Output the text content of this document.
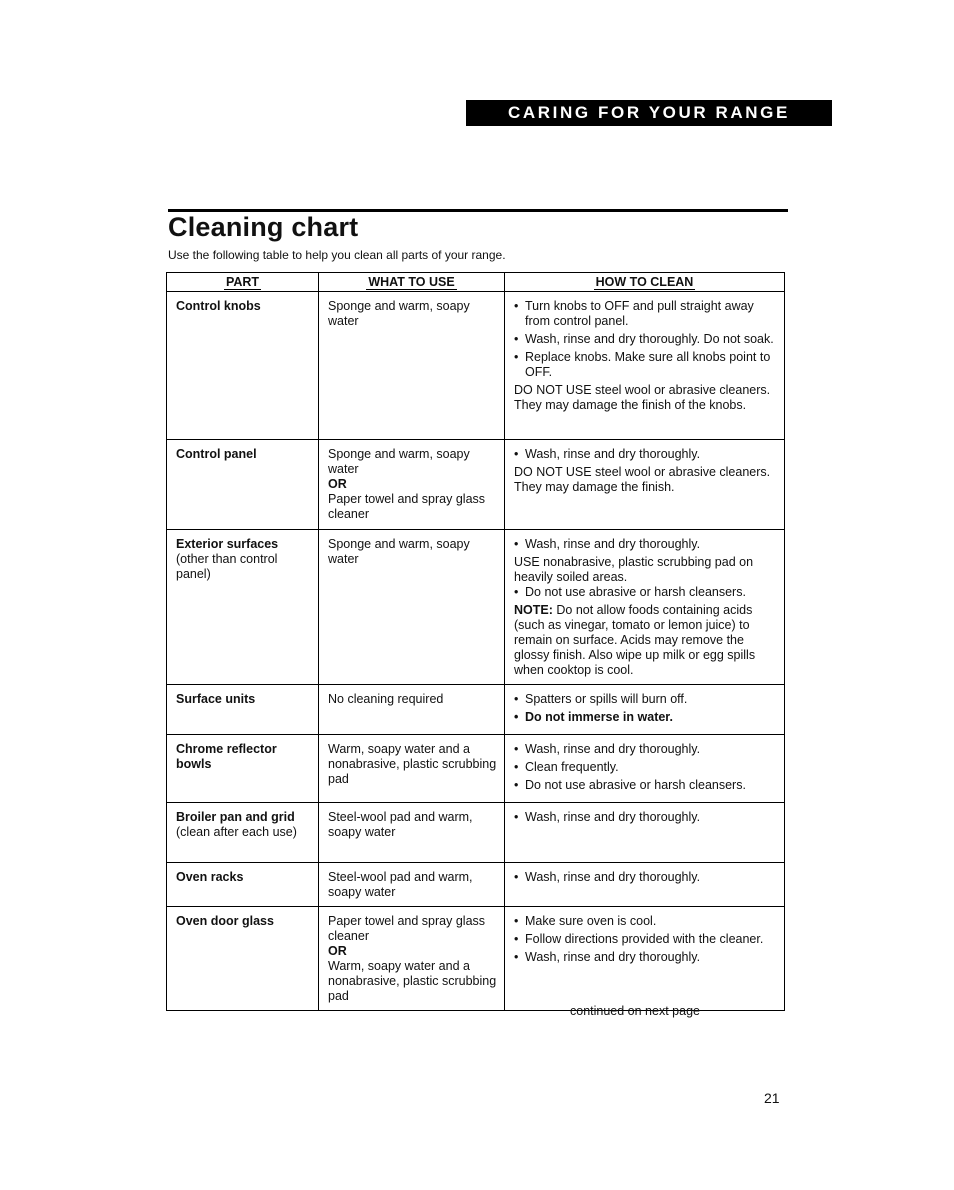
CARING FOR YOUR RANGE
Cleaning chart
Use the following table to help you clean all parts of your range.
PART	WHAT TO USE	HOW TO CLEAN

Control knobs	Sponge and warm, soapy water	• Turn knobs to OFF and pull straight away from control panel.
• Wash, rinse and dry thoroughly. Do not soak.
• Replace knobs. Make sure all knobs point to OFF.
DO NOT USE steel wool or abrasive cleaners. They may damage the finish of the knobs.

Control panel	Sponge and warm, soapy water
OR
Paper towel and spray glass cleaner	• Wash, rinse and dry thoroughly.
DO NOT USE steel wool or abrasive cleaners. They may damage the finish.

Exterior surfaces
(other than control panel)	Sponge and warm, soapy water	• Wash, rinse and dry thoroughly.
USE nonabrasive, plastic scrubbing pad on heavily soiled areas.
• Do not use abrasive or harsh cleansers.
NOTE: Do not allow foods containing acids (such as vinegar, tomato or lemon juice) to remain on surface. Acids may remove the glossy finish. Also wipe up milk or egg spills when cooktop is cool.

Surface units	No cleaning required	• Spatters or spills will burn off.
• Do not immerse in water.

Chrome reflector bowls	Warm, soapy water and a nonabrasive, plastic scrubbing pad	• Wash, rinse and dry thoroughly.
• Clean frequently.
• Do not use abrasive or harsh cleansers.

Broiler pan and grid
(clean after each use)	Steel-wool pad and warm, soapy water	• Wash, rinse and dry thoroughly.

Oven racks	Steel-wool pad and warm, soapy water	• Wash, rinse and dry thoroughly.

Oven door glass	Paper towel and spray glass cleaner
OR
Warm, soapy water and a nonabrasive, plastic scrubbing pad	• Make sure oven is cool.
• Follow directions provided with the cleaner.
• Wash, rinse and dry thoroughly.
continued on next page
21
